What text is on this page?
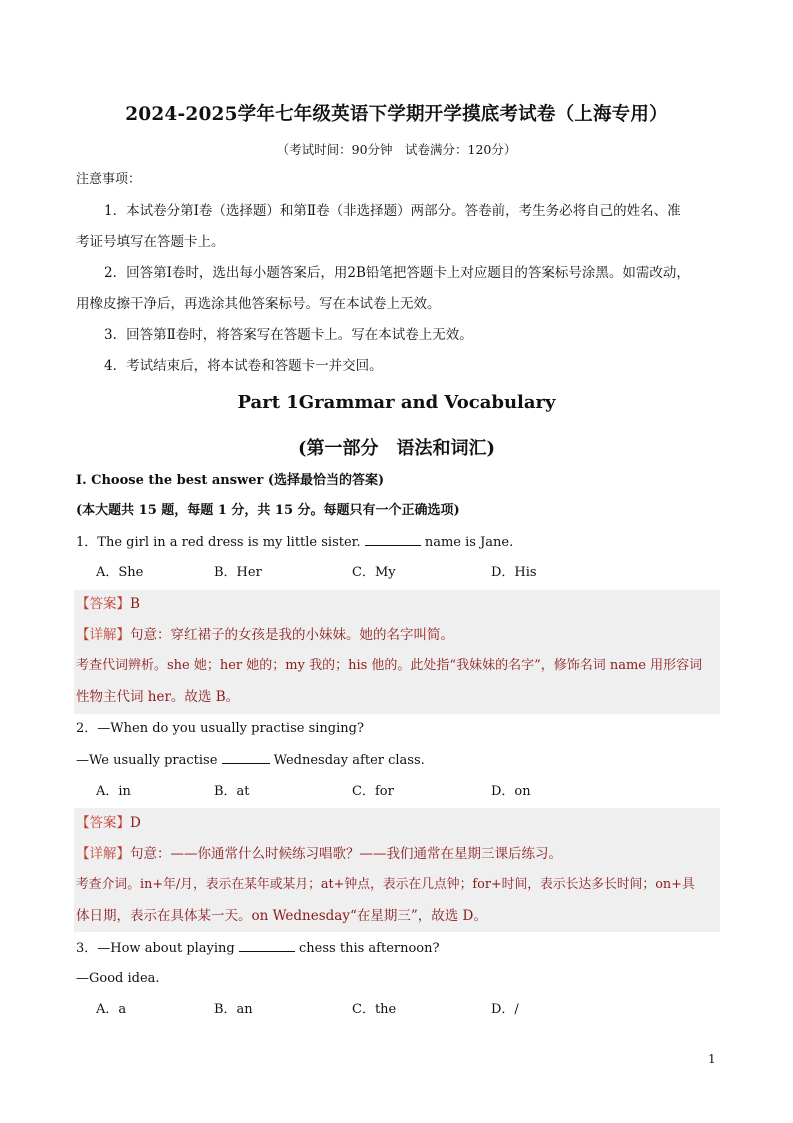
2024-2025学年七年级英语下学期开学摸底考试卷（上海专用）
（考试时间：90分钟　试卷满分：120分）
注意事项：
1．本试卷分第Ⅰ卷（选择题）和第Ⅱ卷（非选择题）两部分。答卷前，考生务必将自己的姓名、准
考证号填写在答题卡上。
2．回答第Ⅰ卷时，选出每小题答案后，用2B铅笔把答题卡上对应题目的答案标号涂黑。如需改动，
用橡皮擦干净后，再选涂其他答案标号。写在本试卷上无效。
3．回答第Ⅱ卷时，将答案写在答题卡上。写在本试卷上无效。
4．考试结束后，将本试卷和答题卡一并交回。
Part 1Grammar and Vocabulary
(第一部分　语法和词汇)
I. Choose the best answer (选择最恰当的答案)
(本大题共 15 题，每题 1 分，共 15 分。每题只有一个正确选项)
1．The girl in a red dress is my little sister.	name is Jane.
A．She	B．Her	C．My	D．His
【答案】B
【详解】句意：穿红裙子的女孩是我的小妹妹。她的名字叫简。
考查代词辨析。she 她；her 她的；my 我的；his 他的。此处指“我妹妹的名字”，修饰名词 name 用形容词
性物主代词 her。故选 B。
2．—When do you usually practise singing?
—We usually practise	Wednesday after class.
A．in	B．at	C．for	D．on
【答案】D
【详解】句意：——你通常什么时候练习唱歌？——我们通常在星期三课后练习。
考查介词。in+年/月，表示在某年或某月；at+钟点，表示在几点钟；for+时间，表示长达多长时间；on+具
体日期，表示在具体某一天。on Wednesday“在星期三”，故选 D。
3．—How about playing	chess this afternoon?
—Good idea.
A．a	B．an	C．the	D．/
1
